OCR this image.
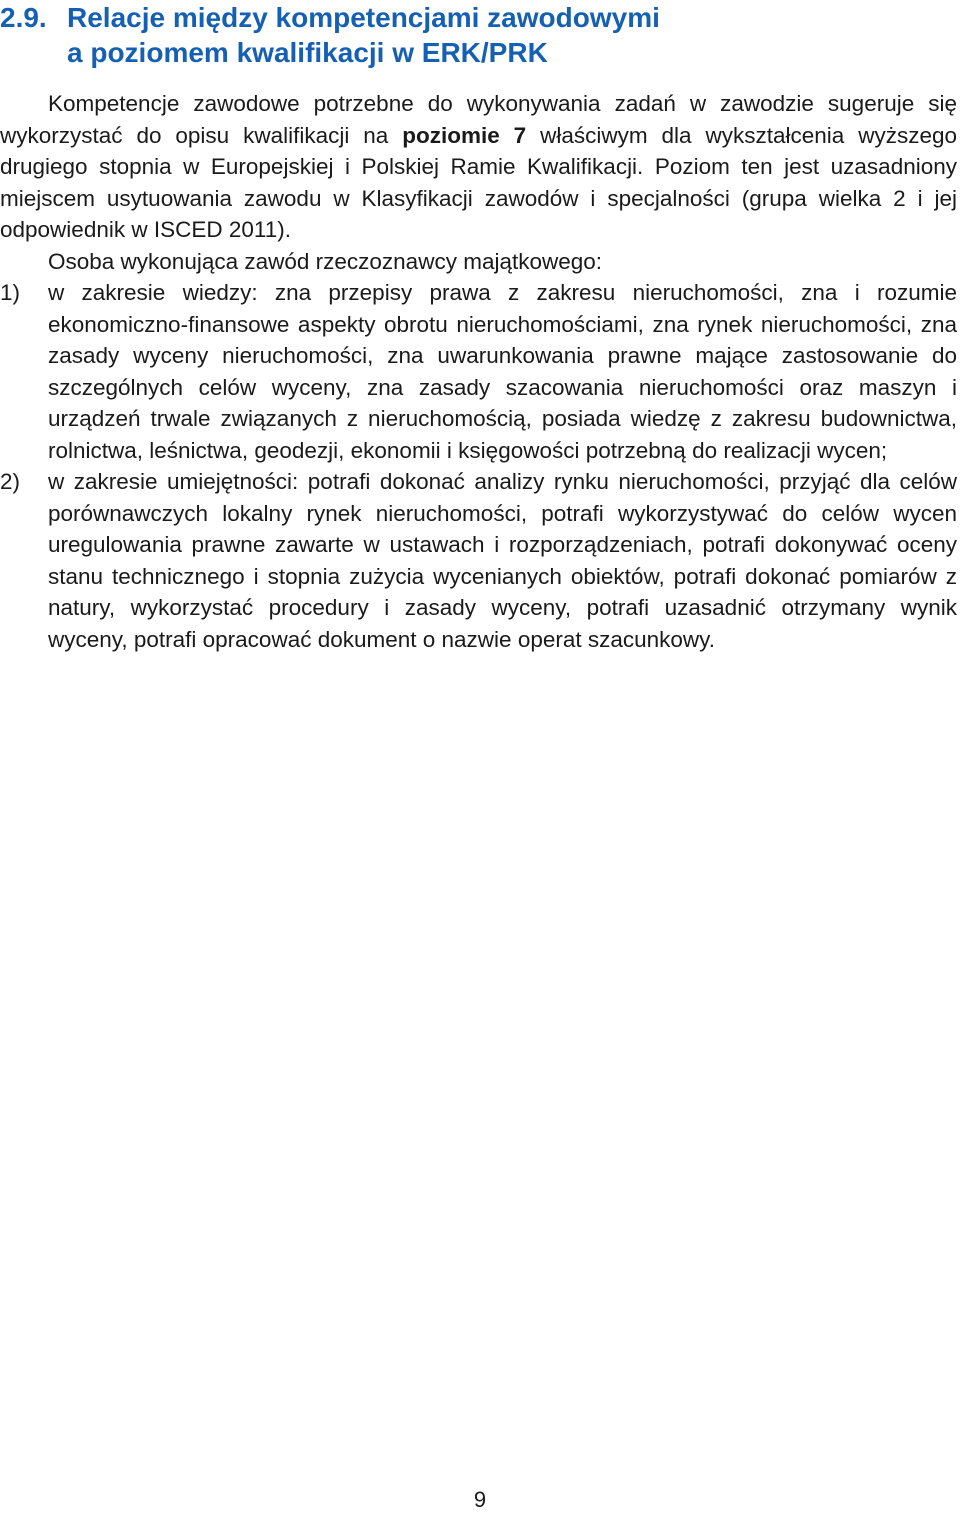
2.9. Relacje między kompetencjami zawodowymi
a poziomem kwalifikacji w ERK/PRK

Kompetencje zawodowe potrzebne do wykonywania zadań w zawodzie sugeruje się wykorzystać do opisu kwalifikacji na poziomie 7 właściwym dla wykształcenia wyższego drugiego stopnia w Europejskiej i Polskiej Ramie Kwalifikacji. Poziom ten jest uzasadniony miejscem usytuowania zawodu w Klasyfikacji zawodów i specjalności (grupa wielka 2 i jej odpowiednik w ISCED 2011).

Osoba wykonująca zawód rzeczoznawcy majątkowego:

1) w zakresie wiedzy: zna przepisy prawa z zakresu nieruchomości, zna i rozumie ekonomiczno-finansowe aspekty obrotu nieruchomościami, zna rynek nieruchomości, zna zasady wyceny nieruchomości, zna uwarunkowania prawne mające zastosowanie do szczególnych celów wyceny, zna zasady szacowania nieruchomości oraz maszyn i urządzeń trwale związanych z nieruchomością, posiada wiedzę z zakresu budownictwa, rolnictwa, leśnictwa, geodezji, ekonomii i księgowości potrzebną do realizacji wycen;
2) w zakresie umiejętności: potrafi dokonać analizy rynku nieruchomości, przyjąć dla celów porównawczych lokalny rynek nieruchomości, potrafi wykorzystywać do celów wycen uregulowania prawne zawarte w ustawach i rozporządzeniach, potrafi dokonywać oceny stanu technicznego i stopnia zużycia wycenianych obiektów, potrafi dokonać pomiarów z natury, wykorzystać procedury i zasady wyceny, potrafi uzasadnić otrzymany wynik wyceny, potrafi opracować dokument o nazwie operat szacunkowy.
9
